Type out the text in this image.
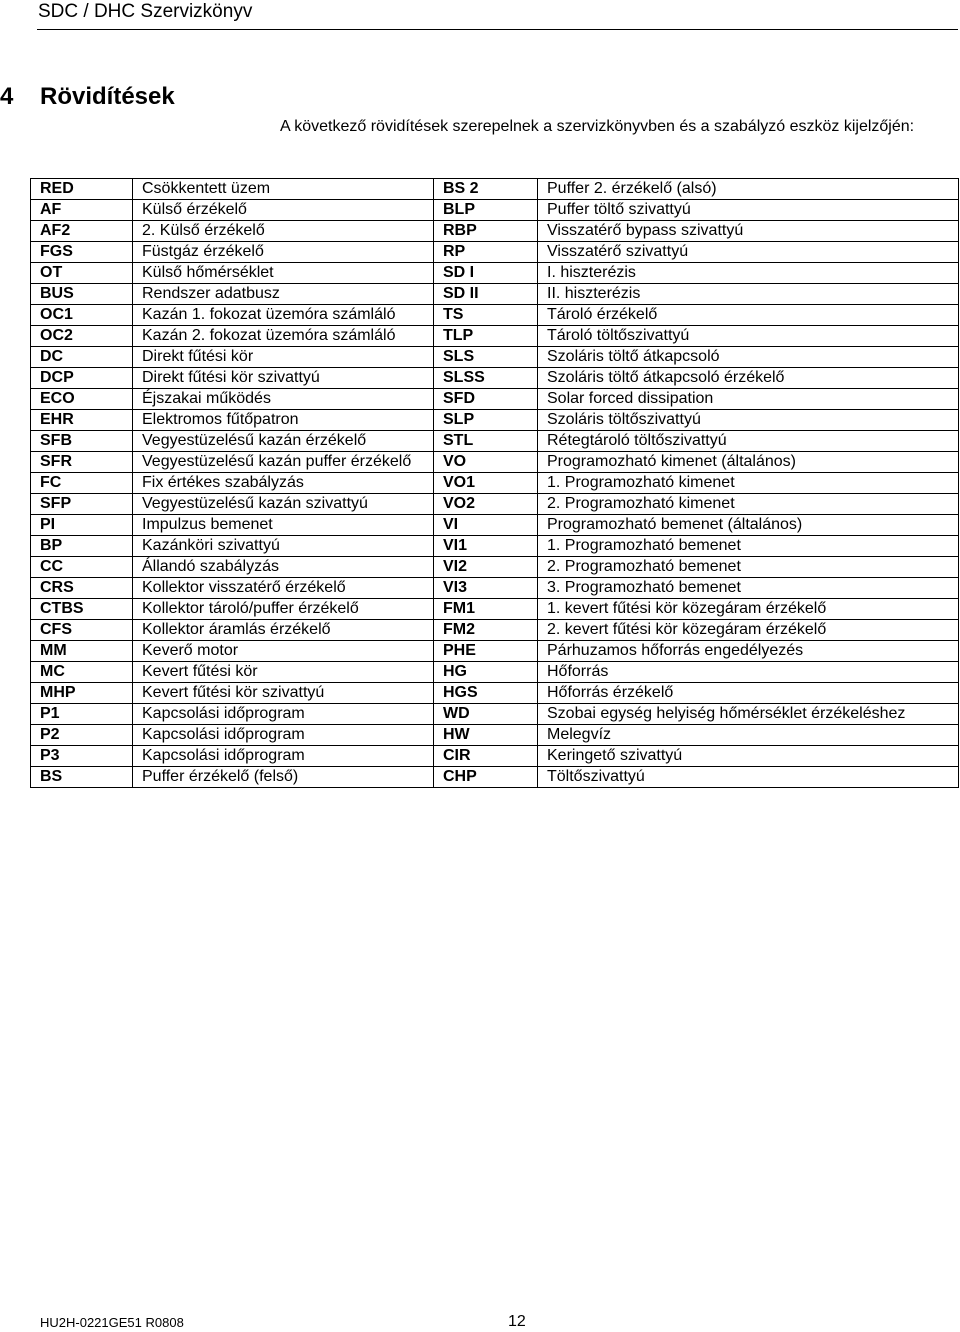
SDC / DHC Szervizkönyv
4 Rövidítések
A következő rövidítések szerepelnek a szervizkönyvben és a szabályzó eszköz kijelzőjén:
RED	Csökkentett üzem	BS 2	Puffer 2. érzékelő (alsó)
AF	Külső érzékelő	BLP	Puffer töltő szivattyú
AF2	2. Külső érzékelő	RBP	Visszatérő bypass szivattyú
FGS	Füstgáz érzékelő	RP	Visszatérő szivattyú
OT	Külső hőmérséklet	SD I	I. hiszterézis
BUS	Rendszer adatbusz	SD II	II. hiszterézis
OC1	Kazán 1. fokozat üzemóra számláló	TS	Tároló érzékelő
OC2	Kazán 2. fokozat üzemóra számláló	TLP	Tároló töltőszivattyú
DC	Direkt fűtési kör	SLS	Szoláris töltő átkapcsoló
DCP	Direkt fűtési kör szivattyú	SLSS	Szoláris töltő átkapcsoló érzékelő
ECO	Éjszakai működés	SFD	Solar forced dissipation
EHR	Elektromos fűtőpatron	SLP	Szoláris töltőszivattyú
SFB	Vegyestüzelésű kazán érzékelő	STL	Rétegtároló töltőszivattyú
SFR	Vegyestüzelésű kazán puffer érzékelő	VO	Programozható kimenet (általános)
FC	Fix értékes szabályzás	VO1	1. Programozható kimenet
SFP	Vegyestüzelésű kazán szivattyú	VO2	2. Programozható kimenet
PI	Impulzus bemenet	VI	Programozható bemenet (általános)
BP	Kazánköri szivattyú	VI1	1. Programozható bemenet
CC	Állandó szabályzás	VI2	2. Programozható bemenet
CRS	Kollektor visszatérő érzékelő	VI3	3. Programozható bemenet
CTBS	Kollektor tároló/puffer érzékelő	FM1	1. kevert fűtési kör közegáram érzékelő
CFS	Kollektor áramlás érzékelő	FM2	2. kevert fűtési kör közegáram érzékelő
MM	Keverő motor	PHE	Párhuzamos hőforrás engedélyezés
MC	Kevert fűtési kör	HG	Hőforrás
MHP	Kevert fűtési kör szivattyú	HGS	Hőforrás érzékelő
P1	Kapcsolási időprogram	WD	Szobai egység helyiség hőmérséklet érzékeléshez
P2	Kapcsolási időprogram	HW	Melegvíz
P3	Kapcsolási időprogram	CIR	Keringető szivattyú
BS	Puffer érzékelő (felső)	CHP	Töltőszivattyú
HU2H-0221GE51 R0808	12
